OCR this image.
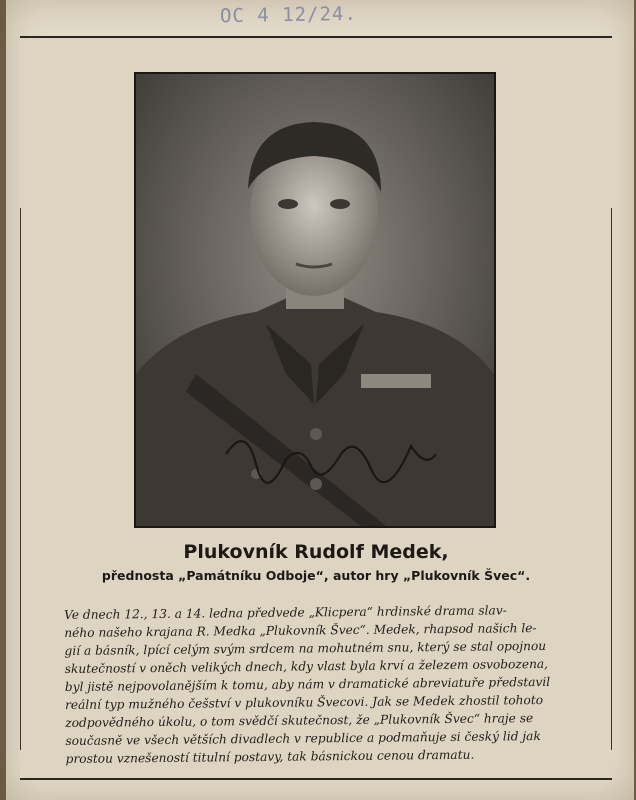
OC 4 12/24.
Plukovník Rudolf Medek,
přednosta „Památníku Odboje“, autor hry „Plukovník Švec“.
Ve dnech 12., 13. a 14. ledna předvede „Klicpera“ hrdinské drama slav-
ného našeho krajana R. Medka „Plukovník Švec“. Medek, rhapsod našich le-
gií a básník, lpící celým svým srdcem na mohutném snu, který se stal opojnou
skutečností v oněch velikých dnech, kdy vlast byla krví a železem osvobozena,
byl jistě nejpovolanějším k tomu, aby nám v dramatické abreviatuře představil
reální typ mužného češství v plukovníku Švecovi. Jak se Medek zhostil tohoto
zodpovědného úkolu, o tom svědčí skutečnost, že „Plukovník Švec“ hraje se
současně ve všech větších divadlech v republice a podmaňuje si český lid jak
prostou vznešeností titulní postavy, tak básnickou cenou dramatu.
